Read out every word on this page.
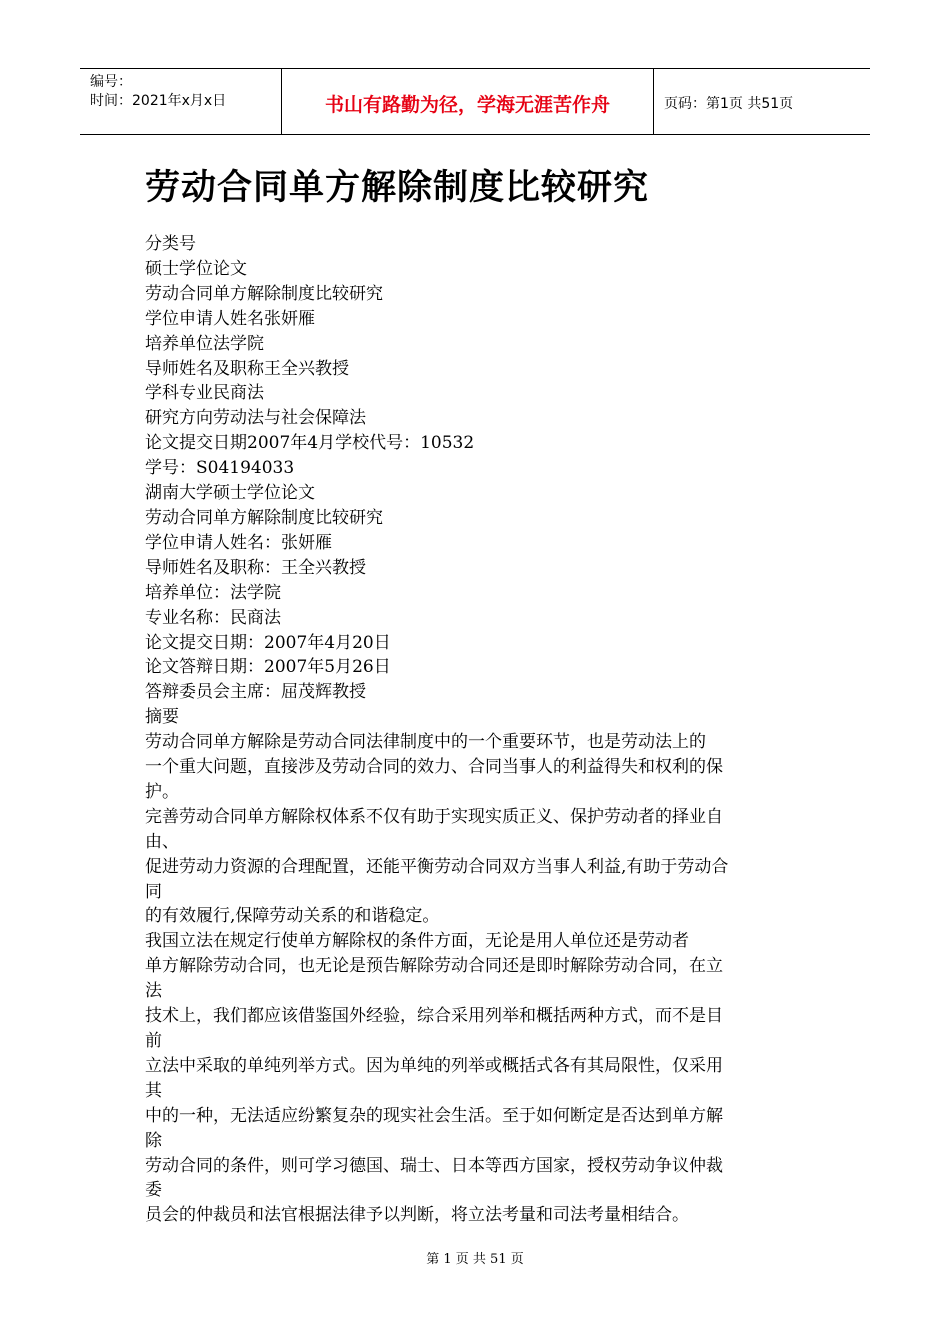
编号：
时间：2021年x月x日	书山有路勤为径，学海无涯苦作舟	页码：第1页 共51页
劳动合同单方解除制度比较研究
分类号
硕士学位论文
劳动合同单方解除制度比较研究
学位申请人姓名张妍雁
培养单位法学院
导师姓名及职称王全兴教授
学科专业民商法
研究方向劳动法与社会保障法
论文提交日期2007年4月学校代号：10532
学号：S04194033
湖南大学硕士学位论文
劳动合同单方解除制度比较研究
学位申请人姓名：张妍雁
导师姓名及职称：王全兴教授
培养单位：法学院
专业名称：民商法
论文提交日期：2007年4月20日
论文答辩日期：2007年5月26日
答辩委员会主席：屈茂辉教授
摘要
劳动合同单方解除是劳动合同法律制度中的一个重要环节，也是劳动法上的
一个重大问题，直接涉及劳动合同的效力、合同当事人的利益得失和权利的保
护。
完善劳动合同单方解除权体系不仅有助于实现实质正义、保护劳动者的择业自
由、
促进劳动力资源的合理配置，还能平衡劳动合同双方当事人利益,有助于劳动合
同
的有效履行,保障劳动关系的和谐稳定。
我国立法在规定行使单方解除权的条件方面，无论是用人单位还是劳动者
单方解除劳动合同，也无论是预告解除劳动合同还是即时解除劳动合同，在立
法
技术上，我们都应该借鉴国外经验，综合采用列举和概括两种方式，而不是目
前
立法中采取的单纯列举方式。因为单纯的列举或概括式各有其局限性，仅采用
其
中的一种，无法适应纷繁复杂的现实社会生活。至于如何断定是否达到单方解
除
劳动合同的条件，则可学习德国、瑞士、日本等西方国家，授权劳动争议仲裁
委
员会的仲裁员和法官根据法律予以判断，将立法考量和司法考量相结合。
第 1 页 共 51 页
